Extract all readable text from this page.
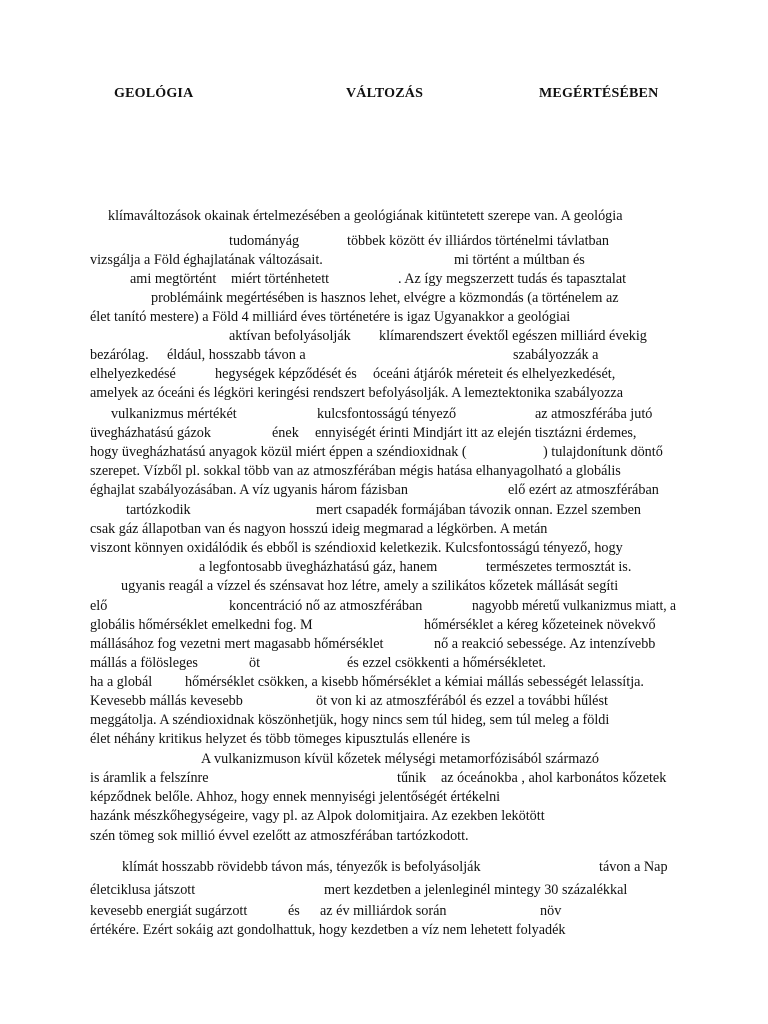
GEOLÓGIA	VÁLTOZÁS	MEGÉRTÉSÉBEN
klímaváltozások okainak értelmezésében a geológiának kitüntetett szerepe van. A geológia
tudományág	többek között év illiárdos történelmi távlatban
vizsgálja a Föld éghajlatának változásait.	mi történt a múltban és
ami megtörtént miért történhetett	. Az így megszerzett tudás és tapasztalat
problémáink megértésében is hasznos lehet, elvégre a közmondás (a történelem az
élet tanító mestere) a Föld 4 milliárd éves történetére is igaz Ugyanakkor a geológiai
aktívan befolyásolják klímarendszert évektől egészen milliárd évekig
bezárólag. éldául, hosszabb távon a	szabályozzák a
elhelyezkedésé	hegységek képződését és óceáni átjárók méreteit és elhelyezkedését,
amelyek az óceáni és légköri keringési rendszert befolyásolják. A lemeztektonika szabályozza
vulkanizmus mértékét	kulcsfontosságú tényező	az atmoszférába jutó
üvegházhatású gázok	ének ennyiségét érinti Mindjárt itt az elején tisztázni érdemes,
hogy üvegházhatású anyagok közül miért éppen a széndioxidnak (	) tulajdonítunk döntő
szerepet. Vízből pl. sokkal több van az atmoszférában mégis hatása elhanyagolható a globális
éghajlat szabályozásában. A víz ugyanis három fázisban	elő ezért az atmoszférában
tartózkodik	mert csapadék formájában távozik onnan. Ezzel szemben
csak gáz állapotban van és nagyon hosszú ideig megmarad a légkörben. A metán
viszont könnyen oxidálódik és ebből is széndioxid keletkezik. Kulcsfontosságú tényező, hogy
a legfontosabb üvegházhatású gáz, hanem	természetes termosztát is.
ugyanis reagál a vízzel és szénsavat hoz létre, amely a szilikátos kőzetek mállását segíti
elő	koncentráció nő az atmoszférában	nagyobb méretű vulkanizmus miatt, a
globális hőmérséklet emelkedni fog. M	hőmérséklet a kéreg kőzeteinek növekvő
mállásához fog vezetni mert magasabb hőmérséklet	nő a reakció sebessége. Az intenzívebb
mállás a fölösleges	öt	és ezzel csökkenti a hőmérsékletet.
ha a globál hőmérséklet csökken, a kisebb hőmérséklet a kémiai mállás sebességét lelassítja.
Kevesebb mállás kevesebb	öt von ki az atmoszférából és ezzel a további hűlést
meggátolja. A széndioxidnak köszönhetjük, hogy nincs sem túl hideg, sem túl meleg a földi
élet néhány kritikus helyzet és több tömeges kipusztulás ellenére is
A vulkanizmuson kívül kőzetek mélységi metamorfózisából származó
is áramlik a felszínre	tűnik az óceánokba , ahol karbonátos kőzetek
képződnek belőle. Ahhoz, hogy ennek mennyiségi jelentőségét értékelni
hazánk mészkőhegységeire, vagy pl. az Alpok dolomitjaira. Az ezekben lekötött
szén tömeg sok millió évvel ezelőtt az atmoszférában tartózkodott.
klímát hosszabb rövidebb távon más, tényezők is befolyásolják	távon a Nap
életciklusa játszott	mert kezdetben a jelenleginél mintegy 30 százalékkal
kevesebb energiát sugárzott	és az év milliárdok során	növ
értékére. Ezért sokáig azt gondolhattuk, hogy kezdetben a víz nem lehetett folyadék
